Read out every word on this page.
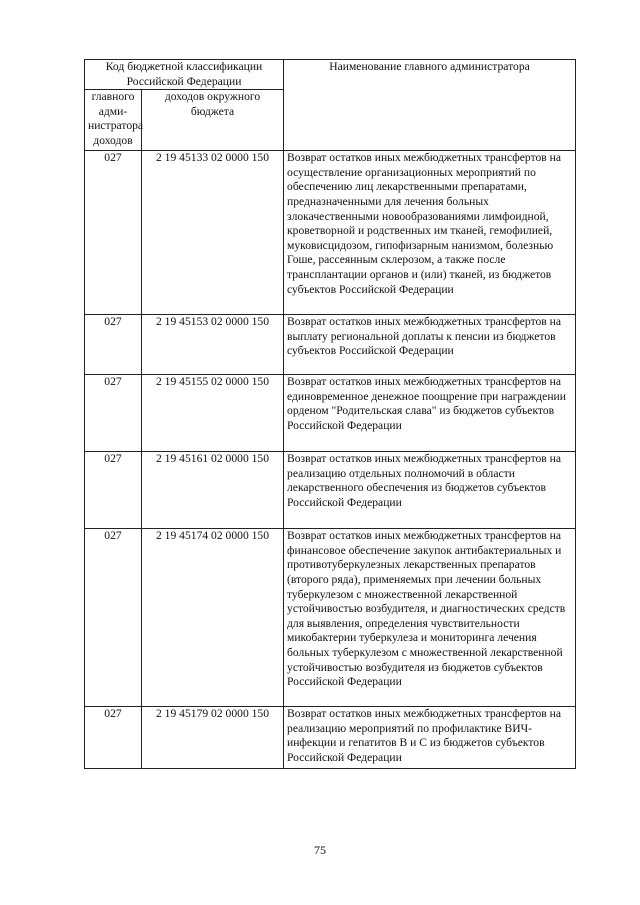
Код бюджетной классификации Российской Федерации		Наименование главного администратора
главного адми-нистратора доходов	доходов окружного бюджета	
027	2 19 45133 02 0000 150	Возврат остатков иных межбюджетных трансфертов на осуществление организационных мероприятий по обеспечению лиц лекарственными препаратами, предназначенными для лечения больных злокачественными новообразованиями лимфоидной, кроветворной и родственных им тканей, гемофилией, муковисцидозом, гипофизарным нанизмом, болезнью Гоше, рассеянным склерозом, а также после трансплантации органов и (или) тканей, из бюджетов субъектов Российской Федерации
027	2 19 45153 02 0000 150	Возврат остатков иных межбюджетных трансфертов на выплату региональной доплаты к пенсии из бюджетов субъектов Российской Федерации
027	2 19 45155 02 0000 150	Возврат остатков иных межбюджетных трансфертов на единовременное денежное поощрение при награждении орденом "Родительская слава" из бюджетов субъектов Российской Федерации
027	2 19 45161 02 0000 150	Возврат остатков иных межбюджетных трансфертов на реализацию отдельных полномочий в области лекарственного обеспечения из бюджетов субъектов Российской Федерации
027	2 19 45174 02 0000 150	Возврат остатков иных межбюджетных трансфертов на финансовое обеспечение закупок антибактериальных и противотуберкулезных лекарственных препаратов (второго ряда), применяемых при лечении больных туберкулезом с множественной лекарственной устойчивостью возбудителя, и диагностических средств для выявления, определения чувствительности микобактерии туберкулеза и мониторинга лечения больных туберкулезом с множественной лекарственной устойчивостью возбудителя из бюджетов субъектов Российской Федерации
027	2 19 45179 02 0000 150	Возврат остатков иных межбюджетных трансфертов на реализацию мероприятий по профилактике ВИЧ-инфекции и гепатитов В и С из бюджетов субъектов Российской Федерации
75
